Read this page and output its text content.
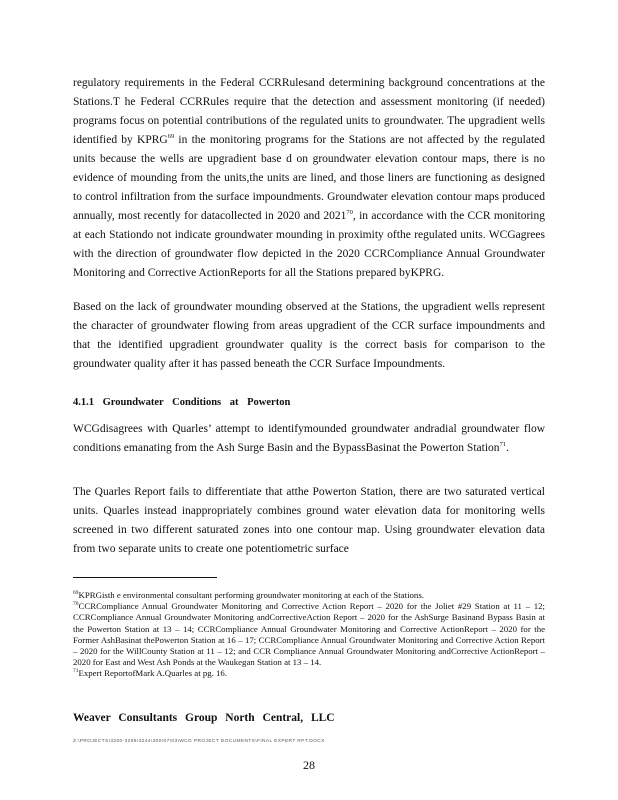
regulatory requirements in the Federal CCRRulesand determining background concentrations at the Stations.T he Federal CCRRules require that the detection and assessment monitoring (if needed) programs focus on potential contributions of the regulated units to groundwater. The upgradient wells identified by KPRG$^{69}$ in the monitoring programs for the Stations are not affected by the regulated units because the wells are upgradient base d on groundwater elevation contour maps, there is no evidence of mounding from the units,the units are lined, and those liners are functioning as designed to control infiltration from the surface impoundments. Groundwater elevation contour maps produced annually, most recently for datacollected in 2020 and 2021$^{70}$, in accordance with the CCR monitoring at each Stationdo not indicate groundwater mounding in proximity ofthe regulated units. WCGagrees with the direction of groundwater flow depicted in the 2020 CCRCompliance Annual Groundwater Monitoring and Corrective ActionReports for all the Stations prepared byKPRG.

Based on the lack of groundwater mounding observed at the Stations, the upgradient wells represent the character of groundwater flowing from areas upgradient of the CCR surface impoundments and that the identified upgradient groundwater quality is the correct basis for comparison to the groundwater quality after it has passed beneath the CCR Surface Impoundments.

4.1.1 Groundwater Conditions at Powerton

WCGdisagrees with Quarles’ attempt to identifymounded groundwater andradial groundwater flow conditions emanating from the Ash Surge Basin and the BypassBasinat the Powerton Station$^{71}$.

The Quarles Report fails to differentiate that atthe Powerton Station, there are two saturated vertical units. Quarles instead inappropriately combines ground water elevation data for monitoring wells screened in two different saturated zones into one contour map. Using groundwater elevation data from two separate units to create one potentiometric surface

$^{69}$KPRGisth e environmental consultant performing groundwater monitoring at each of the Stations.

$^{70}$CCRCompliance Annual Groundwater Monitoring and Corrective Action Report – 2020 for the Joliet #29 Station at 11 – 12; CCRCompliance Annual Groundwater Monitoring andCorrectiveAction Report – 2020 for the AshSurge Basinand Bypass Basin at the Powerton Station at 13 – 14; CCRCompliance Annual Groundwater Monitoring and Corrective ActionReport – 2020 for the Former AshBasinat thePowerton Station at 16 – 17; CCRCompliance Annual Groundwater Monitoring and Corrective Action Report – 2020 for the WillCounty Station at 11 – 12; and CCR Compliance Annual Groundwater Monitoring andCorrective ActionReport – 2020 for East and West Ash Ponds at the Waukegan Station at 13 – 14.

$^{71}$Expert ReportofMark A.Quarles at pg. 16.

Weaver Consultants Group North Central, LLC

Z:\PROJECTS\3200-3299\3244\300\07\03\WCG PROJECT DOCUMENTS\FINAL EXPERT RPT.DOCX
28
